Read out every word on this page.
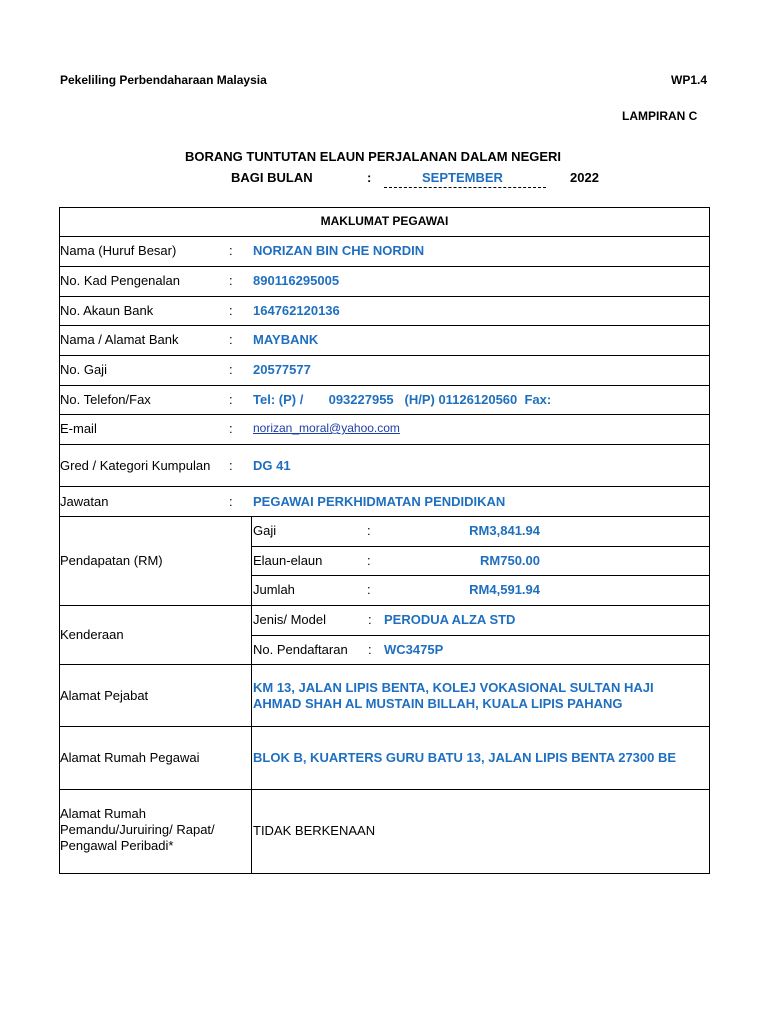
Pekeliling Perbendaharaan Malaysia	WP1.4
LAMPIRAN C
BORANG TUNTUTAN ELAUN PERJALANAN DALAM NEGERI
BAGI BULAN	:	SEPTEMBER	2022
MAKLUMAT PEGAWAI
Nama (Huruf Besar)	: NORIZAN BIN CHE NORDIN
No. Kad Pengenalan	: 890116295005
No. Akaun Bank	: 164762120136
Nama / Alamat Bank	: MAYBANK
No. Gaji	: 20577577
No. Telefon/Fax	: Tel: (P) /       093227955   (H/P) 01126120560  Fax:
E-mail	: norizan_moral@yahoo.com
Gred / Kategori Kumpulan : DG 41
Jawatan	: PEGAWAI PERKHIDMATAN PENDIDIKAN
Pendapatan (RM)
Gaji	:	RM3,841.94
Elaun-elaun	:	RM750.00
Jumlah	:	RM4,591.94
Kenderaan
Jenis/ Model	: PERODUA ALZA STD
No. Pendaftaran : WC3475P
Alamat Pejabat
KM 13, JALAN LIPIS BENTA, KOLEJ VOKASIONAL SULTAN HAJI
AHMAD SHAH AL MUSTAIN BILLAH, KUALA LIPIS PAHANG
Alamat Rumah Pegawai	BLOK B, KUARTERS GURU BATU 13, JALAN LIPIS BENTA 27300 BE
Alamat Rumah
Pemandu/Juruiring/ Rapat/
Pengawal Peribadi*
TIDAK BERKENAAN
